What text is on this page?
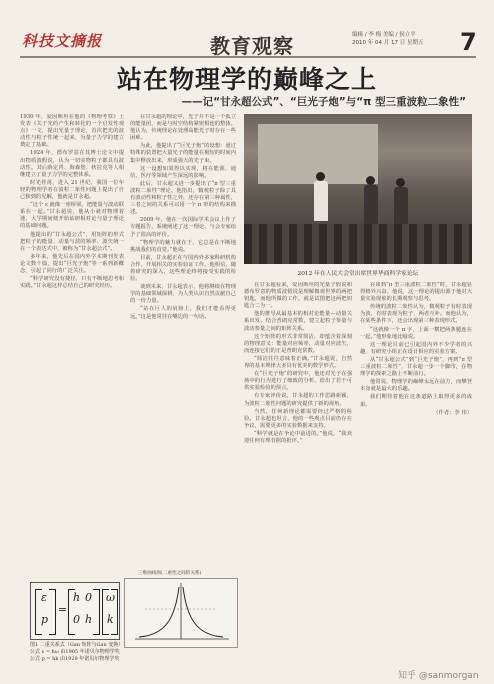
科技文摘报	教育观察	编辑 / 李 梅 美编 / 侯立平
2010 年 04 月 17 日 星期五 7
站在物理学的巅峰之上
——记“甘永超公式”、“巨光子炮”与“π 型三重波粒二象性”

1930 年，爱因斯坦在他的《物理考察》上发表《关于光的产生和转化的一个启发性观点》一文，提出光量子理论，首次把光的波动性与粒子性统一起来，为量子力学的建立奠定了基础。

1924 年，德布罗意在其博士论文中提出物质波假说，认为一切实物粒子都具有波动性。其后薛定谔、海森堡、狄拉克等人相继建立了量子力学的完整体系。

时光荏苒，进入 21 世纪，我国一位年轻的物理学者在波粒二象性问题上提出了自己独到的见解，他就是甘永超。

“这个 ε 就像一座桥梁，把能量与波动联系在一起。”甘永超说，他从小就对物理着迷，大学期间便开始钻研相对论与量子理论的基础问题。

他提出的“甘永超公式”，用矩阵的形式把粒子的能量、动量与波的频率、波矢统一在一个表达式中，被称为“甘永超公式”。

多年来，他先后在国内外学术期刊发表论文数十篇，提出“巨光子炮”等一系列新概念，引起了同行的广泛关注。

“科学研究没有捷径，只有不断地思考和实践。”甘永超这样总结自己的研究经历。

在甘永超的理论中，光子并不是一个孤立的能量团，而是与时空结构紧密相连的整体。他认为，传统理论在处理高能光子时存在一些困难。

为此，他提出了“巨光子炮”的设想：通过特殊的装置把大量光子的能量在极短的时间内集中释放出来，形成强大的光子束。

这一设想如果得以实现，将在能源、通信、医疗等领域产生深远的影响。

此后，甘永超又进一步提出了“π 型三重波粒二象性”理论。他指出，微观粒子除了具有波动性和粒子性之外，还存在第三种属性，三者之间的关系可以用一个 π 形的结构来描述。

2009 年，他在一次国际学术会议上作了专题报告，系统阐述了这一理论，与会专家给予了很高的评价。

“物理学的魅力就在于，它总是在不断地挑战我们的直觉。”他说。

目前，甘永超正在与国内外多家科研机构合作，开展相关的实验验证工作。他相信，随着研究的深入，这些理论终将接受实践的检验。

谈到未来，甘永超表示，他将继续在物理学的基础领域深耕，为人类认识自然贡献自己的一份力量。

“站在巨人的肩膀上，我们才能看得更远。”这是他常挂在嘴边的一句话。

2012 年在人民大会堂出席世界华商科学家论坛

在甘永超看来，爱因斯坦的光量子假说和德布罗意的物质波假说是理解微观世界的两把钥匙，而他所做的工作，就是试图把这两把钥匙合二为一。

他的推导从最基本的相对论能量—动量关系出发，结合普朗克常数，建立起粒子参量与波动参量之间的矩阵关系。

这个矩阵的形式非常简洁，却蕴含着深刻的物理意义：能量对应频率，动量对应波矢，而连接它们的正是普朗克常数。

“简洁往往意味着正确。”甘永超说，自然界的基本规律大多具有优美的数学形式。

在“巨光子炮”的研究中，他还对光子在强场中的行为进行了细致的分析，给出了若干可供实验检验的预言。

有专家评价说，甘永超的工作思路新颖，为波粒二象性问题的研究提供了新的视角。

当然，任何新理论都需要经过严格的检验。甘永超也坦言，他的一些观点目前仍存在争议，需要更多的实验数据来支持。

“科学就是在争论中前进的。”他说，“我欢迎任何有理有据的批评。”

在谈到“π 型三重波粒二象性”时，甘永超显得格外兴奋。他说，这一理论的提出源于他对大量实验现象的长期观察与思考。

传统的波粒二象性认为，微观粒子有时表现为波，有时表现为粒子，两者互补。而他认为，在某些条件下，还会出现第三种表现形式。

“这就像一个 π 字，上面一横把两条腿连在一起。”他形象地比喻说。

这一理论目前已引起国内外不少学者的兴趣，有研究小组正在设计相应的实验方案。

从“甘永超公式”到“巨光子炮”，再到“π 型三重波粒二象性”，甘永超一步一个脚印，在物理学的探索之路上不断前行。

他常说，物理学的巅峰永远在前方，而攀登本身就是最大的乐趣。

我们期待着他在这条道路上取得更多的成果。

（作者：李 伟）

ε
p
=
h 0
0 h
ω
k
三维曲线图(二重性之间的关系)
图1 二重关系式（Gan 矩阵与Gan 变换）
公式 ε = hω 由1905 年诺贝尔物理学奖
公式 p = hk 由1929 年诺贝尔物理学奖
知乎 @sanmorgan
